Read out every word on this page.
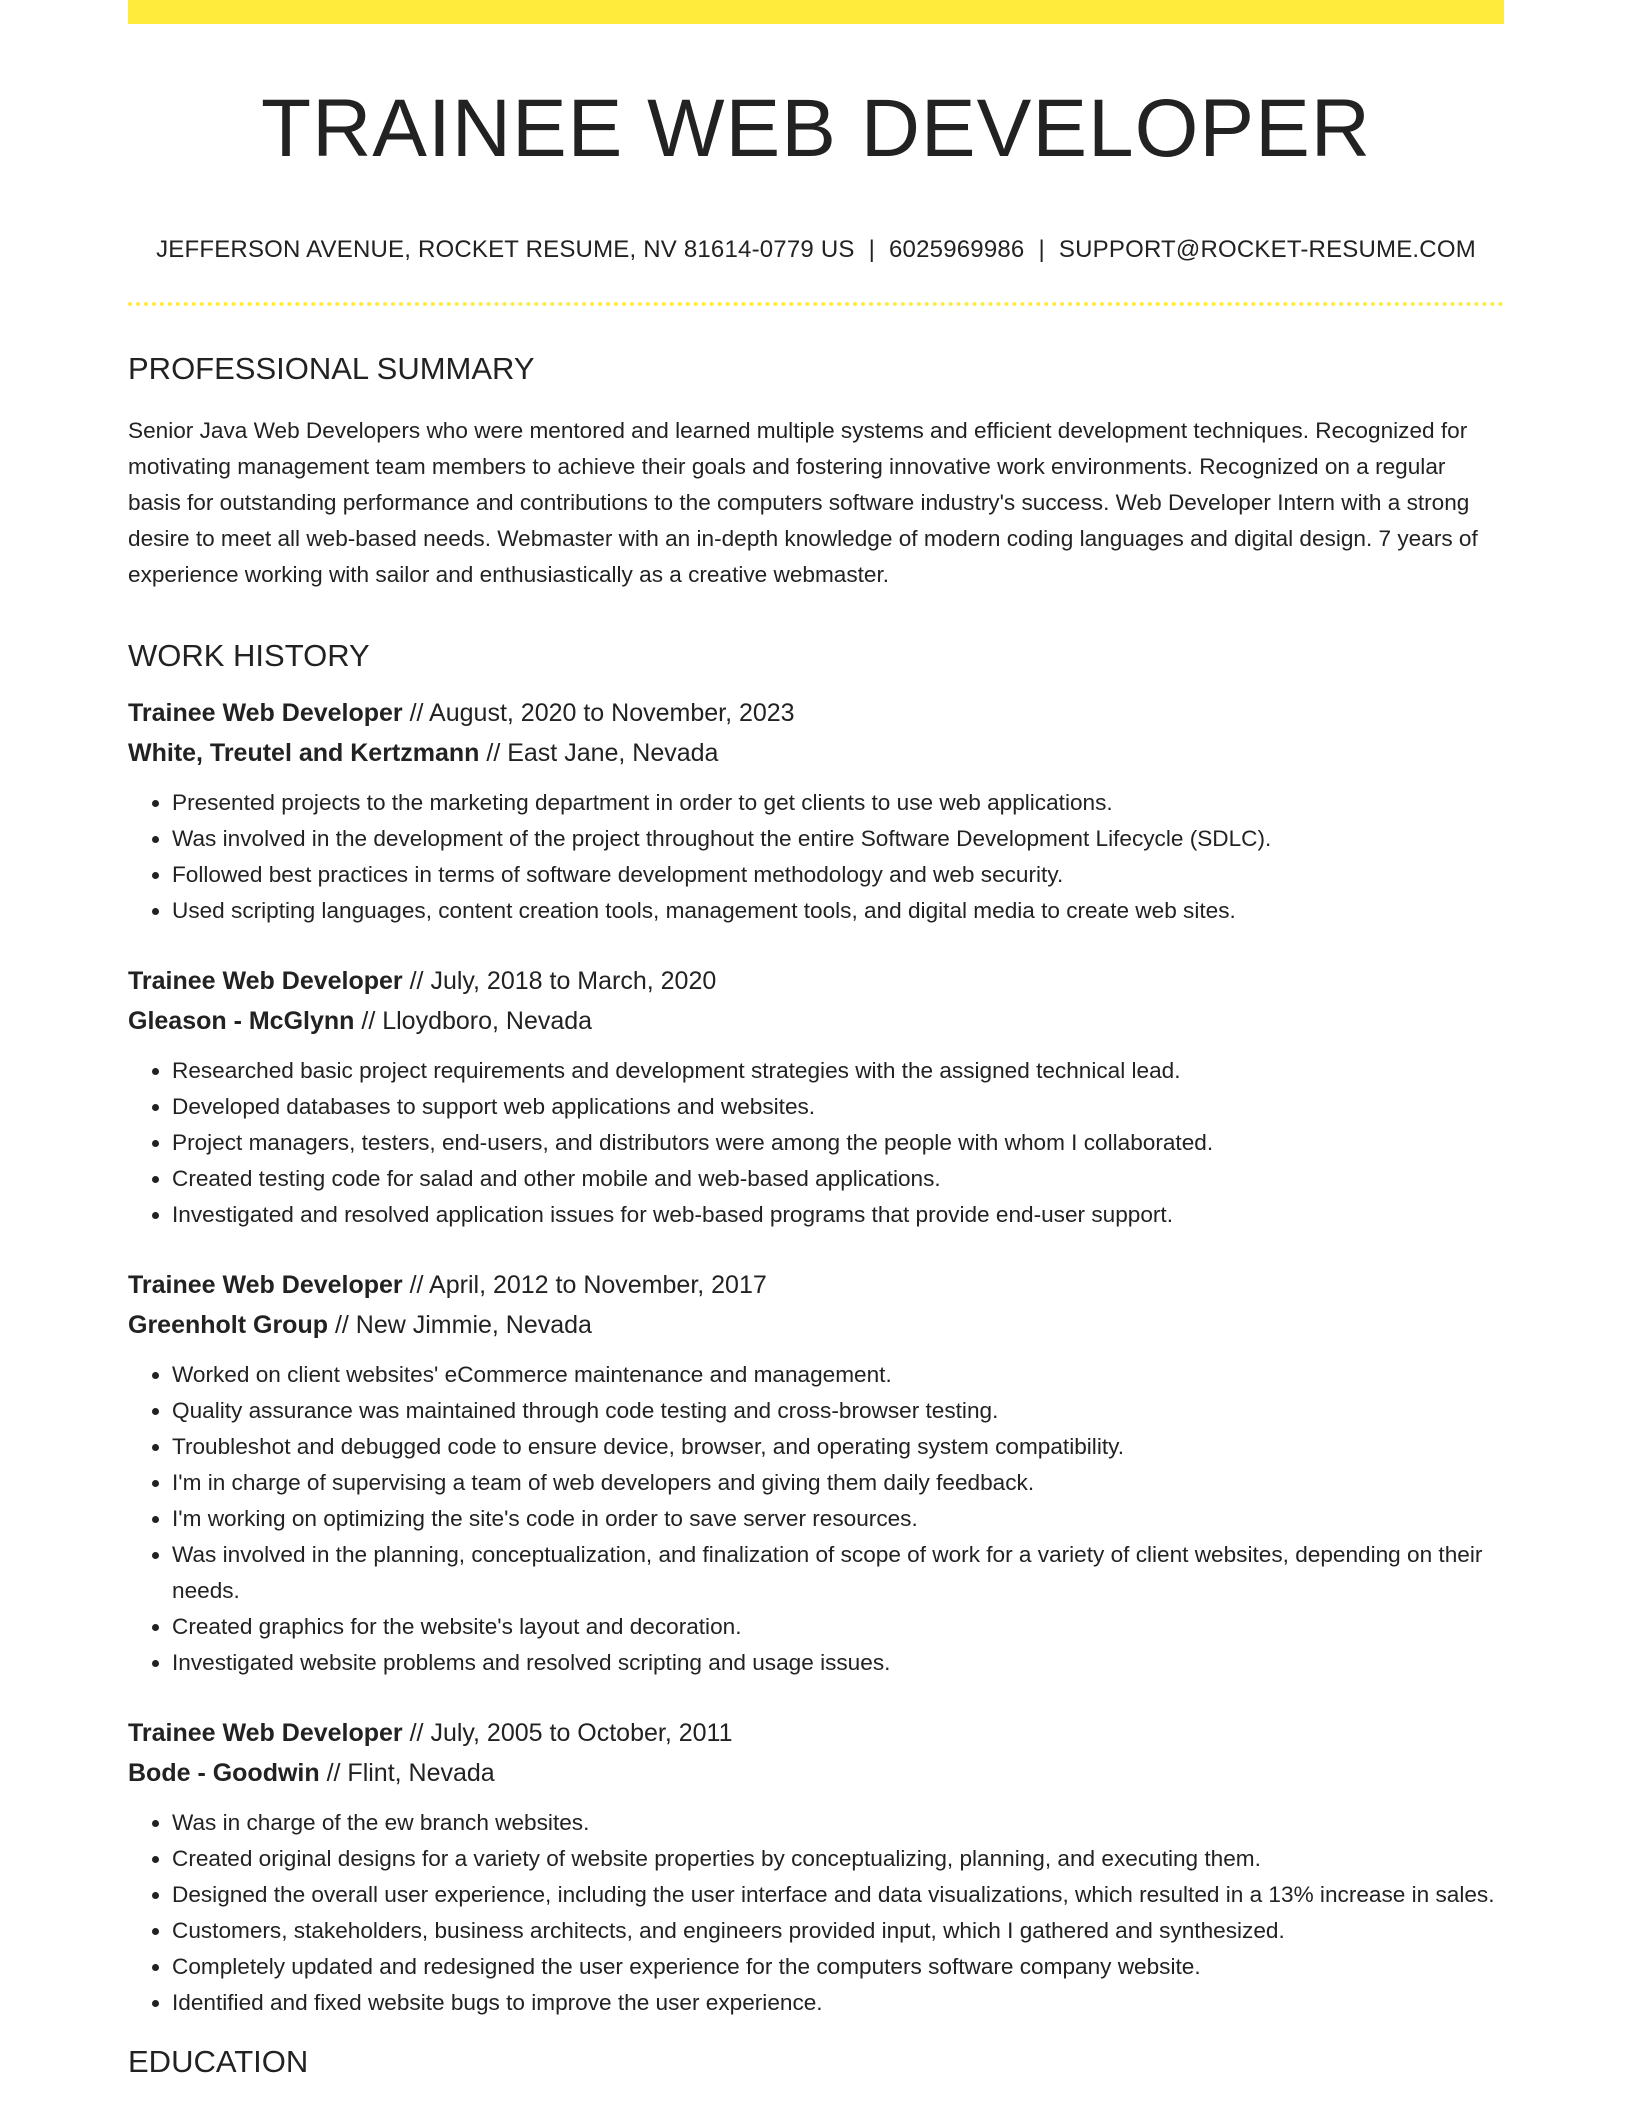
TRAINEE WEB DEVELOPER
JEFFERSON AVENUE, ROCKET RESUME, NV 81614-0779 US | 6025969986 | SUPPORT@ROCKET-RESUME.COM
PROFESSIONAL SUMMARY

Senior Java Web Developers who were mentored and learned multiple systems and efficient development techniques. Recognized for motivating management team members to achieve their goals and fostering innovative work environments. Recognized on a regular basis for outstanding performance and contributions to the computers software industry's success. Web Developer Intern with a strong desire to meet all web-based needs. Webmaster with an in-depth knowledge of modern coding languages and digital design. 7 years of experience working with sailor and enthusiastically as a creative webmaster.

WORK HISTORY
Trainee Web Developer // August, 2020 to November, 2023
White, Treutel and Kertzmann // East Jane, Nevada
• Presented projects to the marketing department in order to get clients to use web applications.
• Was involved in the development of the project throughout the entire Software Development Lifecycle (SDLC).
• Followed best practices in terms of software development methodology and web security.
• Used scripting languages, content creation tools, management tools, and digital media to create web sites.
Trainee Web Developer // July, 2018 to March, 2020
Gleason - McGlynn // Lloydboro, Nevada
• Researched basic project requirements and development strategies with the assigned technical lead.
• Developed databases to support web applications and websites.
• Project managers, testers, end-users, and distributors were among the people with whom I collaborated.
• Created testing code for salad and other mobile and web-based applications.
• Investigated and resolved application issues for web-based programs that provide end-user support.
Trainee Web Developer // April, 2012 to November, 2017
Greenholt Group // New Jimmie, Nevada
• Worked on client websites' eCommerce maintenance and management.
• Quality assurance was maintained through code testing and cross-browser testing.
• Troubleshot and debugged code to ensure device, browser, and operating system compatibility.
• I'm in charge of supervising a team of web developers and giving them daily feedback.
• I'm working on optimizing the site's code in order to save server resources.
• Was involved in the planning, conceptualization, and finalization of scope of work for a variety of client websites, depending on their needs.
• Created graphics for the website's layout and decoration.
• Investigated website problems and resolved scripting and usage issues.
Trainee Web Developer // July, 2005 to October, 2011
Bode - Goodwin // Flint, Nevada
• Was in charge of the ew branch websites.
• Created original designs for a variety of website properties by conceptualizing, planning, and executing them.
• Designed the overall user experience, including the user interface and data visualizations, which resulted in a 13% increase in sales.
• Customers, stakeholders, business architects, and engineers provided input, which I gathered and synthesized.
• Completely updated and redesigned the user experience for the computers software company website.
• Identified and fixed website bugs to improve the user experience.
EDUCATION
